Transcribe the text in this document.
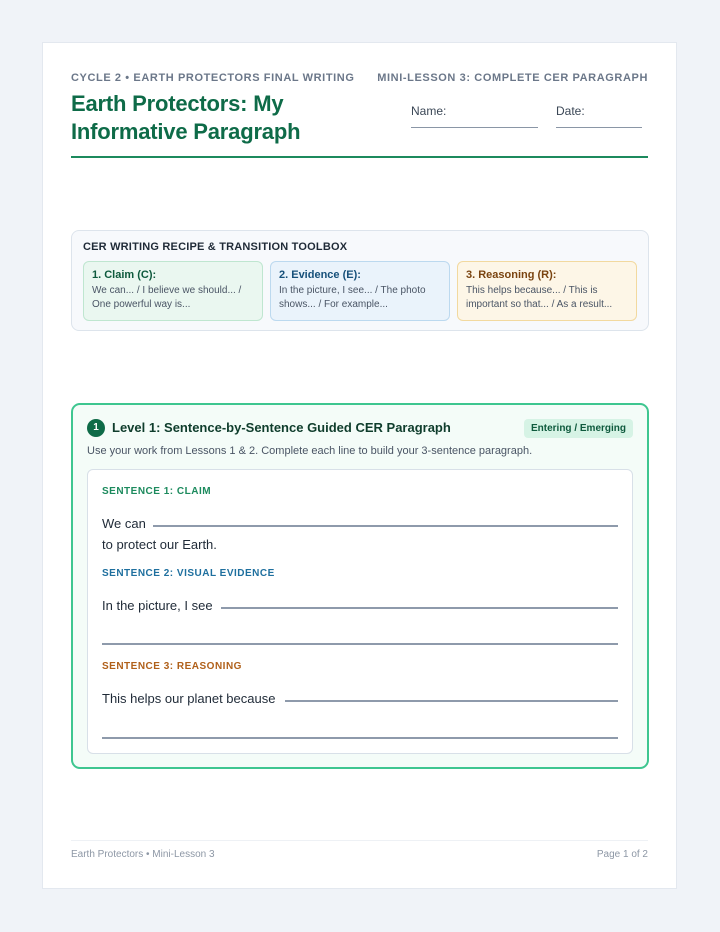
CYCLE 2 • EARTH PROTECTORS FINAL WRITING MINI-LESSON 3: COMPLETE CER PARAGRAPH
Earth Protectors: My Informative Paragraph
Name:	Date:
CER WRITING RECIPE & TRANSITION TOOLBOX
1. Claim (C):
We can... / I believe we should... / One powerful way is...
2. Evidence (E):
In the picture, I see... / The photo shows... / For example...
3. Reasoning (R):
This helps because... / This is important so that... / As a result...
1	Level 1: Sentence-by-Sentence Guided CER Paragraph	Entering / Emerging
Use your work from Lessons 1 & 2. Complete each line to build your 3-sentence paragraph.
SENTENCE 1: CLAIM
We can
to protect our Earth.
SENTENCE 2: VISUAL EVIDENCE
In the picture, I see
SENTENCE 3: REASONING
This helps our planet because
Earth Protectors • Mini-Lesson 3	Page 1 of 2
